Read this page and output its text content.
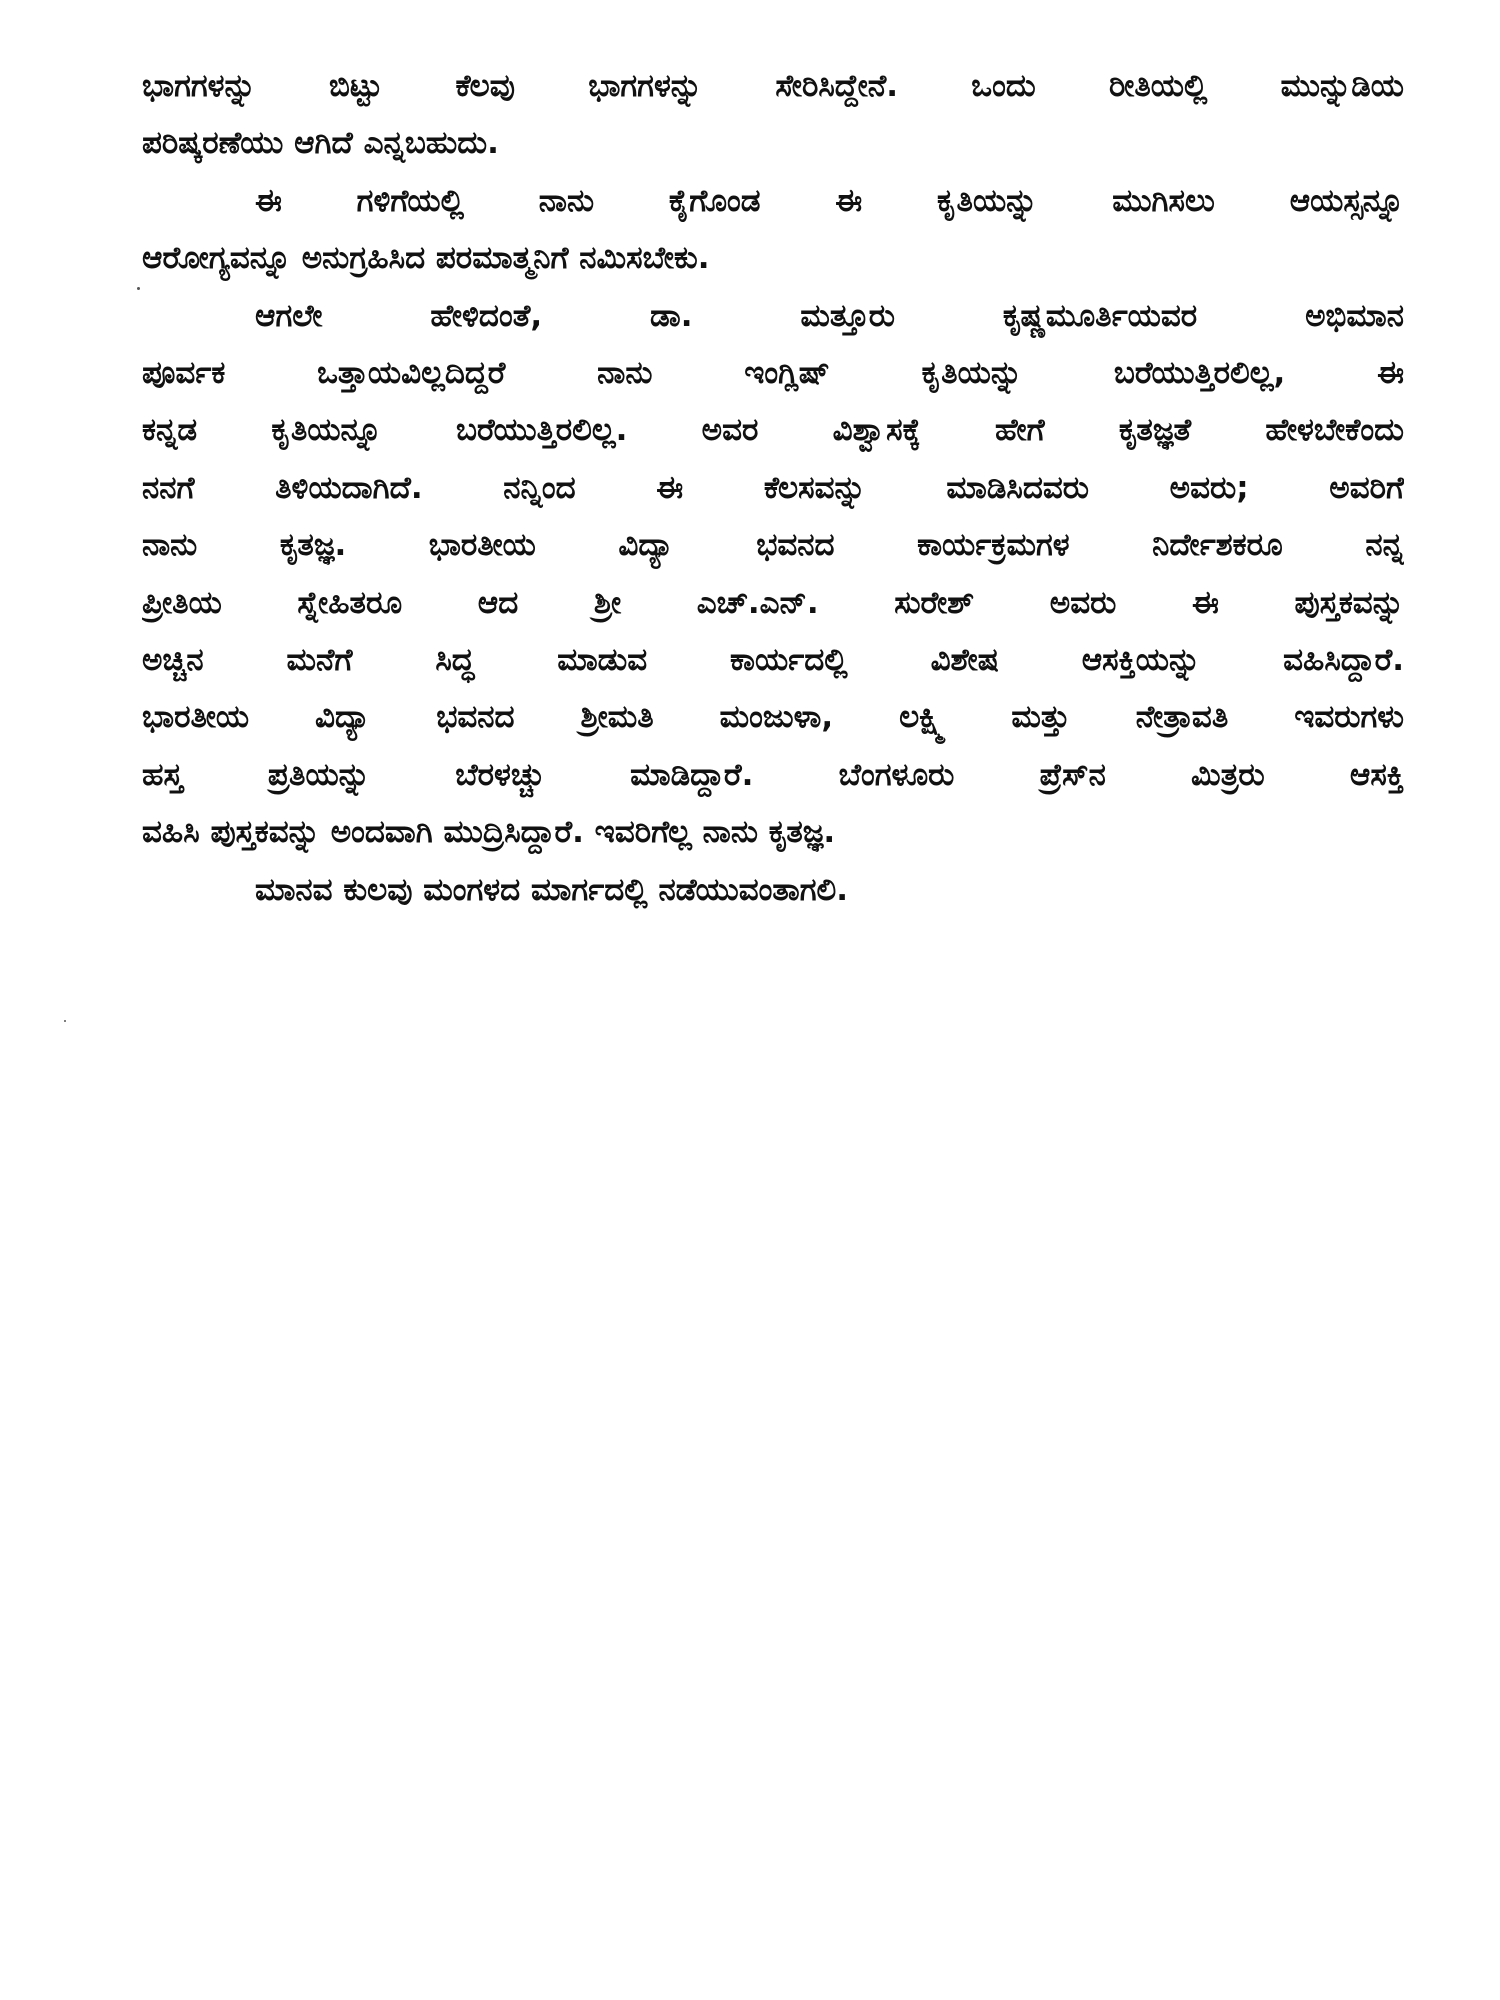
ಭಾಗಗಳನ್ನು ಬಿಟ್ಟು ಕೆಲವು ಭಾಗಗಳನ್ನು ಸೇರಿಸಿದ್ದೇನೆ. ಒಂದು ರೀತಿಯಲ್ಲಿ ಮುನ್ನುಡಿಯ
ಪರಿಷ್ಕರಣೆಯು ಆಗಿದೆ ಎನ್ನಬಹುದು.
ಈ ಗಳಿಗೆಯಲ್ಲಿ ನಾನು ಕೈಗೊಂಡ ಈ ಕೃತಿಯನ್ನು ಮುಗಿಸಲು ಆಯಸ್ಸನ್ನೂ
ಆರೋಗ್ಯವನ್ನೂ ಅನುಗ್ರಹಿಸಿದ ಪರಮಾತ್ಮನಿಗೆ ನಮಿಸಬೇಕು.
ಆಗಲೇ ಹೇಳಿದಂತೆ, ಡಾ. ಮತ್ತೂರು ಕೃಷ್ಣಮೂರ್ತಿಯವರ ಅಭಿಮಾನ
ಪೂರ್ವಕ ಒತ್ತಾಯವಿಲ್ಲದಿದ್ದರೆ ನಾನು ಇಂಗ್ಲಿಷ್ ಕೃತಿಯನ್ನು ಬರೆಯುತ್ತಿರಲಿಲ್ಲ, ಈ
ಕನ್ನಡ ಕೃತಿಯನ್ನೂ ಬರೆಯುತ್ತಿರಲಿಲ್ಲ. ಅವರ ವಿಶ್ವಾಸಕ್ಕೆ ಹೇಗೆ ಕೃತಜ್ಞತೆ ಹೇಳಬೇಕೆಂದು
ನನಗೆ ತಿಳಿಯದಾಗಿದೆ. ನನ್ನಿಂದ ಈ ಕೆಲಸವನ್ನು ಮಾಡಿಸಿದವರು ಅವರು; ಅವರಿಗೆ
ನಾನು ಕೃತಜ್ಞ. ಭಾರತೀಯ ವಿದ್ಯಾ ಭವನದ ಕಾರ್ಯಕ್ರಮಗಳ ನಿರ್ದೇಶಕರೂ ನನ್ನ
ಪ್ರೀತಿಯ ಸ್ನೇಹಿತರೂ ಆದ ಶ್ರೀ ಎಚ್.ಎನ್. ಸುರೇಶ್ ಅವರು ಈ ಪುಸ್ತಕವನ್ನು
ಅಚ್ಚಿನ ಮನೆಗೆ ಸಿದ್ಧ ಮಾಡುವ ಕಾರ್ಯದಲ್ಲಿ ವಿಶೇಷ ಆಸಕ್ತಿಯನ್ನು ವಹಿಸಿದ್ದಾರೆ.
ಭಾರತೀಯ ವಿದ್ಯಾ ಭವನದ ಶ್ರೀಮತಿ ಮಂಜುಳಾ, ಲಕ್ಷ್ಮಿ ಮತ್ತು ನೇತ್ರಾವತಿ ಇವರುಗಳು
ಹಸ್ತ ಪ್ರತಿಯನ್ನು ಬೆರಳಚ್ಚು ಮಾಡಿದ್ದಾರೆ. ಬೆಂಗಳೂರು ಪ್ರೆಸ್‌ನ ಮಿತ್ರರು ಆಸಕ್ತಿ
ವಹಿಸಿ ಪುಸ್ತಕವನ್ನು ಅಂದವಾಗಿ ಮುದ್ರಿಸಿದ್ದಾರೆ. ಇವರಿಗೆಲ್ಲ ನಾನು ಕೃತಜ್ಞ.
ಮಾನವ ಕುಲವು ಮಂಗಳದ ಮಾರ್ಗದಲ್ಲಿ ನಡೆಯುವಂತಾಗಲಿ.
